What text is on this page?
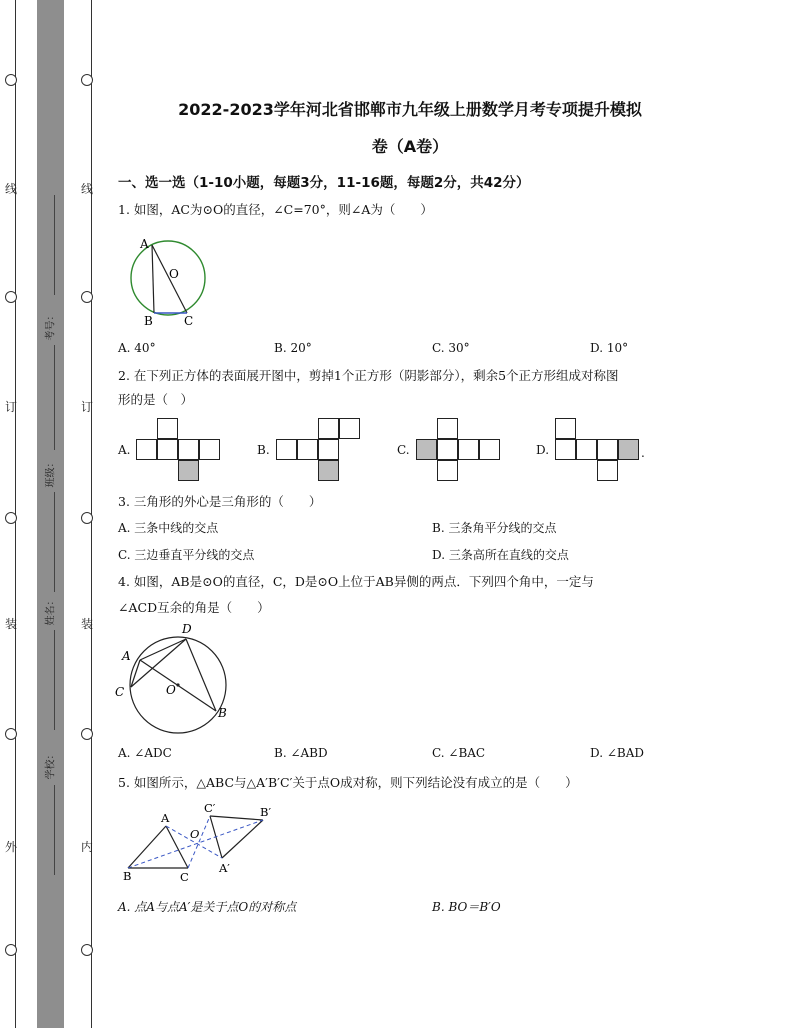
线
订
装
外
线
订
装
内
考号：
班级：
姓名：
学校：
2022-2023学年河北省邯郸市九年级上册数学月考专项提升模拟
卷（A卷）
一、选一选（1-10小题，每题3分，11-16题，每题2分，共42分）
1. 如图，AC为⊙O的直径，∠C=70°，则∠A为（　　）
A
O
B	C
A. 40°	B. 20°	C. 30°	D. 10°
2. 在下列正方体的表面展开图中，剪掉1个正方形（阴影部分），剩余5个正方形组成对称图
形的是（　）
A.	B.	C.	D.	.
3. 三角形的外心是三角形的（　　）
A. 三条中线的交点	B. 三条角平分线的交点
C. 三边垂直平分线的交点	D. 三条高所在直线的交点
4. 如图，AB是⊙O的直径，C，D是⊙O上位于AB异侧的两点．下列四个角中，一定与
∠ACD互余的角是（　　）
D
A
C	O
B
A. ∠ADC	B. ∠ABD	C. ∠BAC	D. ∠BAD
5. 如图所示，△ABC与△A′B′C′关于点O成对称，则下列结论没有成立的是（　　）
C′
A	B′
O
B	C
A′
A. 点A与点A′是关于点O的对称点	B. BO＝B′O
